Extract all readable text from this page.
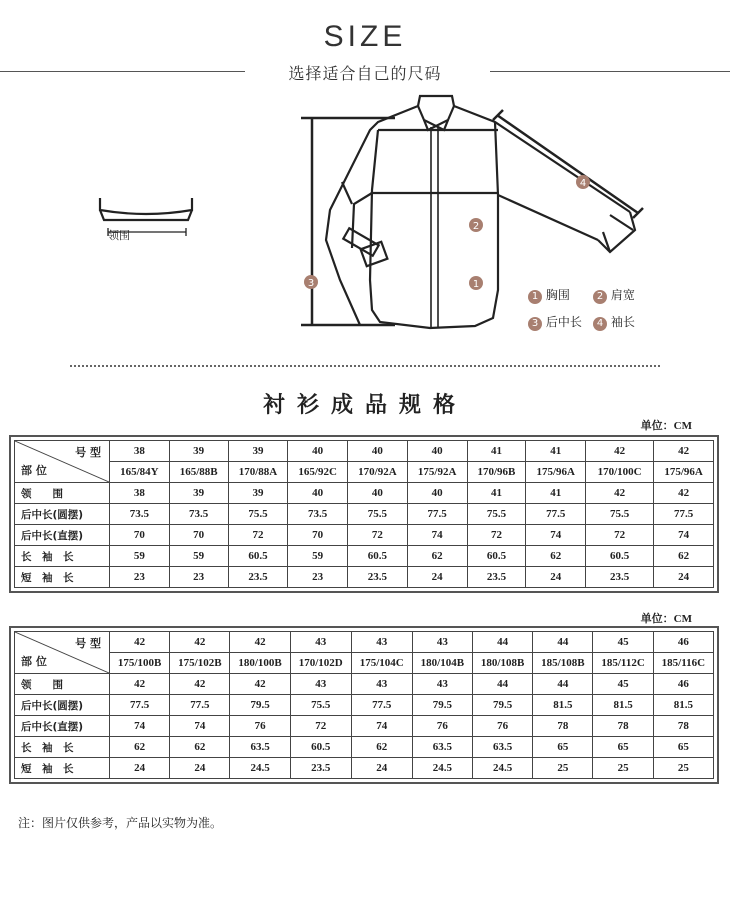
SIZE
选择适合自己的尺码
1
2
3
4
领围
1 胸围	2 肩宽
3 后中长	4 袖长
衬衫成品规格
单位：CM
号 型
部 位	38	39	39	40	40	40	41	41	42	42
	165/84Y	165/88B	170/88A	165/92C	170/92A	175/92A	170/96B	175/96A	170/100C	175/96A
领　　围	38	39	39	40	40	40	41	41	42	42
后中长(圆摆)	73.5	73.5	75.5	73.5	75.5	77.5	75.5	77.5	75.5	77.5
后中长(直摆)	70	70	72	70	72	74	72	74	72	74
长　袖　长	59	59	60.5	59	60.5	62	60.5	62	60.5	62
短　袖　长	23	23	23.5	23	23.5	24	23.5	24	23.5	24
单位：CM
号 型
部 位	42	42	42	43	43	43	44	44	45	46
	175/100B	175/102B	180/100B	170/102D	175/104C	180/104B	180/108B	185/108B	185/112C	185/116C
领　　围	42	42	42	43	43	43	44	44	45	46
后中长(圆摆)	77.5	77.5	79.5	75.5	77.5	79.5	79.5	81.5	81.5	81.5
后中长(直摆)	74	74	76	72	74	76	76	78	78	78
长　袖　长	62	62	63.5	60.5	62	63.5	63.5	65	65	65
短　袖　长	24	24	24.5	23.5	24	24.5	24.5	25	25	25
注：图片仅供参考，产品以实物为准。
